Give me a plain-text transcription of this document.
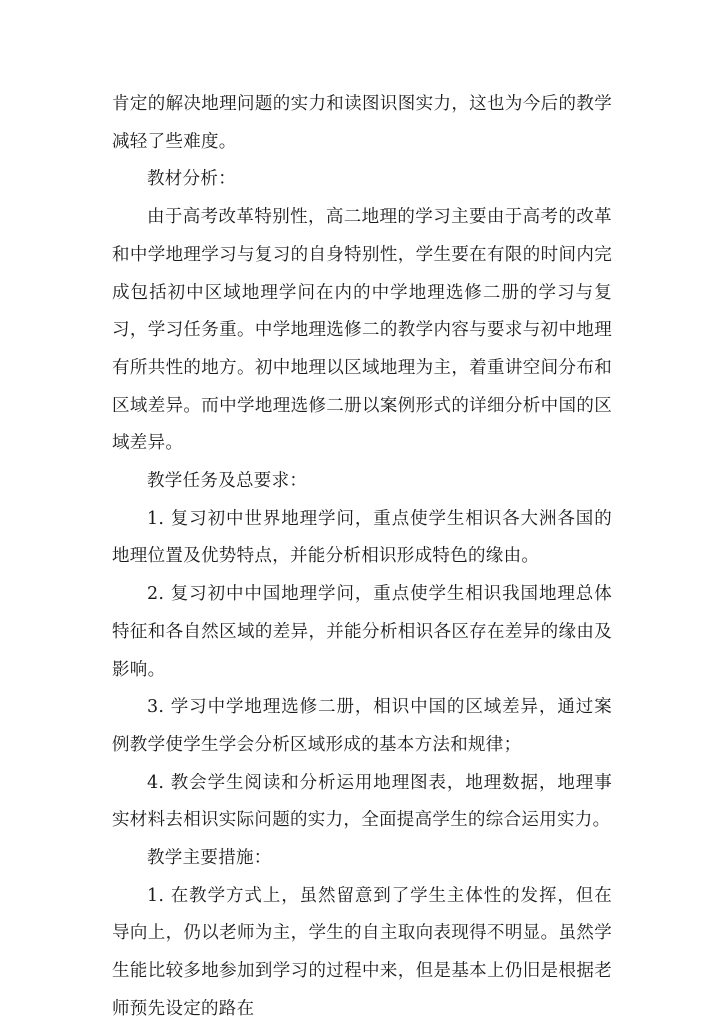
肯定的解决地理问题的实力和读图识图实力，这也为今后的教学减轻了些难度。

教材分析：

由于高考改革特别性，高二地理的学习主要由于高考的改革和中学地理学习与复习的自身特别性，学生要在有限的时间内完成包括初中区域地理学问在内的中学地理选修二册的学习与复习，学习任务重。中学地理选修二的教学内容与要求与初中地理有所共性的地方。初中地理以区域地理为主，着重讲空间分布和区域差异。而中学地理选修二册以案例形式的详细分析中国的区域差异。

教学任务及总要求：

1. 复习初中世界地理学问，重点使学生相识各大洲各国的地理位置及优势特点，并能分析相识形成特色的缘由。

2. 复习初中中国地理学问，重点使学生相识我国地理总体特征和各自然区域的差异，并能分析相识各区存在差异的缘由及影响。

3. 学习中学地理选修二册，相识中国的区域差异，通过案例教学使学生学会分析区域形成的基本方法和规律；

4. 教会学生阅读和分析运用地理图表，地理数据，地理事实材料去相识实际问题的实力，全面提高学生的综合运用实力。

教学主要措施：

1. 在教学方式上，虽然留意到了学生主体性的发挥，但在导向上，仍以老师为主，学生的自主取向表现得不明显。虽然学生能比较多地参加到学习的过程中来，但是基本上仍旧是根据老师预先设定的路在
